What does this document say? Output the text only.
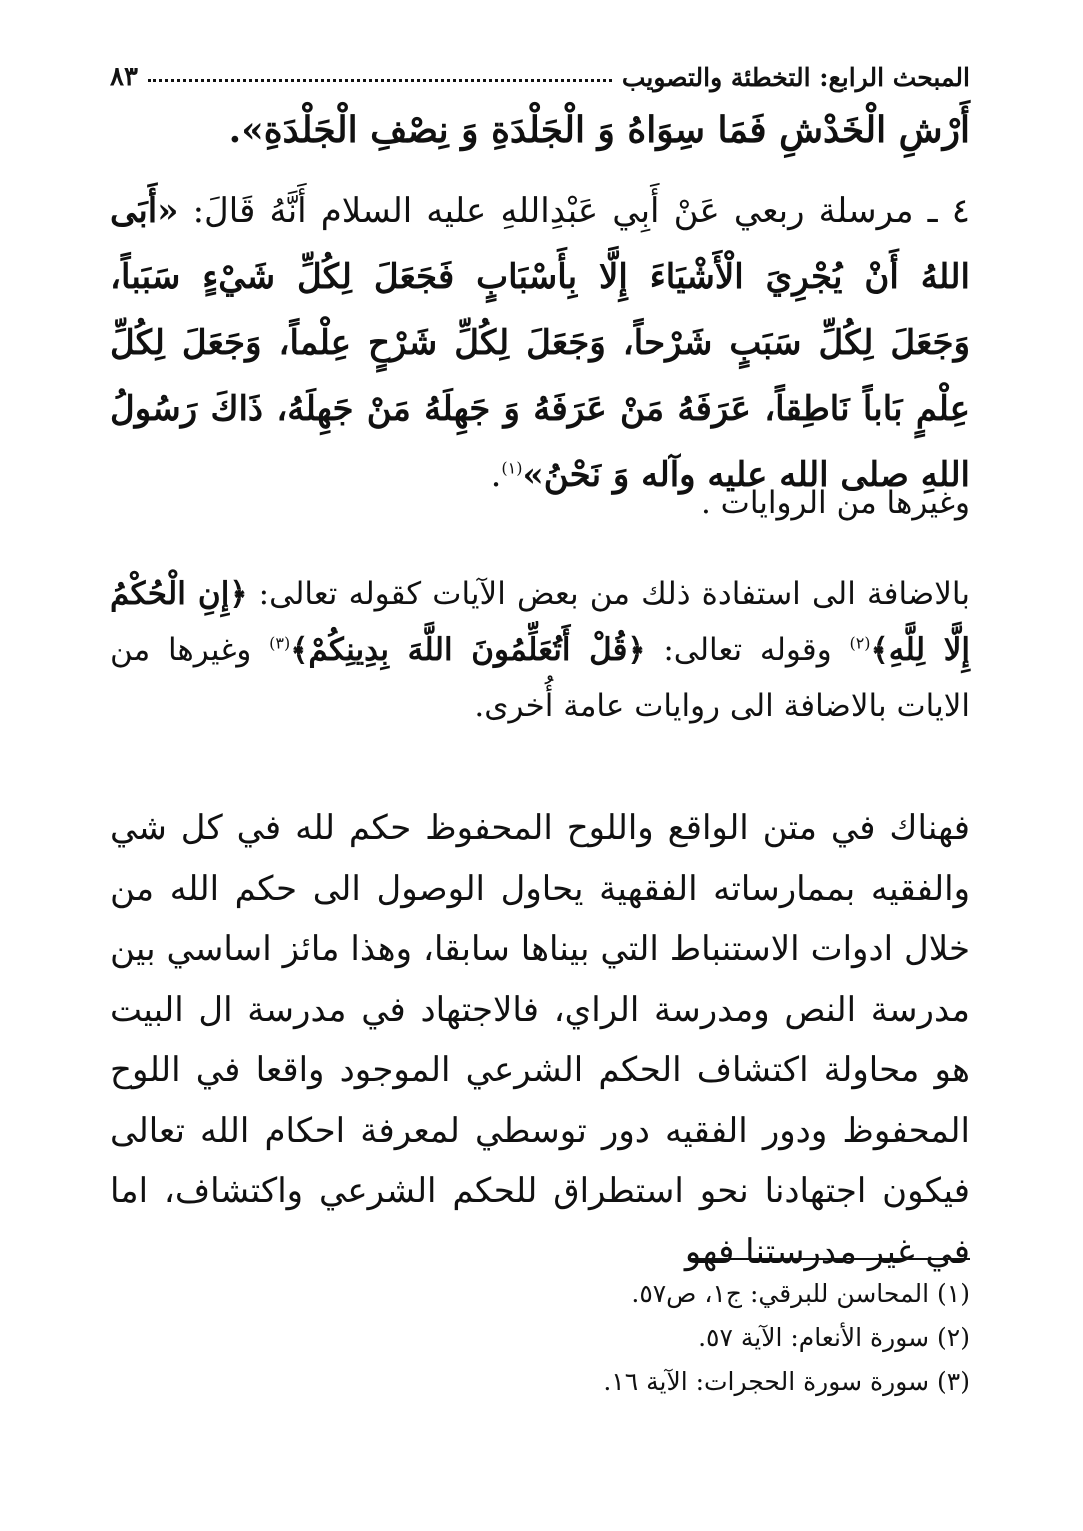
المبحث الرابع: التخطئة والتصويب
٨٣
أَرْشِ الْخَدْشِ فَمَا سِوَاهُ وَ الْجَلْدَةِ وَ نِصْفِ الْجَلْدَةِ».
٤ ـ مرسلة ربعي عَنْ أَبِي عَبْدِاللهِ عليه السلام أَنَّهُ قَالَ: «أَبَى اللهُ أَنْ يُجْرِيَ الْأَشْيَاءَ إِلَّا بِأَسْبَابٍ فَجَعَلَ لِكُلِّ شَيْءٍ سَبَباً، وَجَعَلَ لِكُلِّ سَبَبٍ شَرْحاً، وَجَعَلَ لِكُلِّ شَرْحٍ عِلْماً، وَجَعَلَ لِكُلِّ عِلْمٍ بَاباً نَاطِقاً، عَرَفَهُ مَنْ عَرَفَهُ وَ جَهِلَهُ مَنْ جَهِلَهُ، ذَاكَ رَسُولُ اللهِ صلى الله عليه وآله وَ نَحْنُ»$^{(١)}$.
وغيرها من الروايات .
بالاضافة الى استفادة ذلك من بعض الآيات كقوله تعالى: ﴿إِنِ الْحُكْمُ إِلَّا لِلَّهِ﴾$^{(٢)}$ وقوله تعالى: ﴿قُلْ أَتُعَلِّمُونَ اللَّهَ بِدِينِكُمْ﴾$^{(٣)}$ وغيرها من الايات بالاضافة الى روايات عامة أُخرى.
فهناك في متن الواقع واللوح المحفوظ حكم لله في كل شي والفقيه بممارساته الفقهية يحاول الوصول الى حكم الله من خلال ادوات الاستنباط التي بيناها سابقا، وهذا مائز اساسي بين مدرسة النص ومدرسة الراي، فالاجتهاد في مدرسة ال البيت هو محاولة اكتشاف الحكم الشرعي الموجود واقعا في اللوح المحفوظ ودور الفقيه دور توسطي لمعرفة احكام الله تعالى فيكون اجتهادنا نحو استطراق للحكم الشرعي واكتشاف، اما في غير مدرستنا فهو
(١) المحاسن للبرقي: ج١، ص٥٧.
(٢) سورة الأنعام: الآية ٥٧.
(٣) سورة سورة الحجرات: الآية ١٦.
